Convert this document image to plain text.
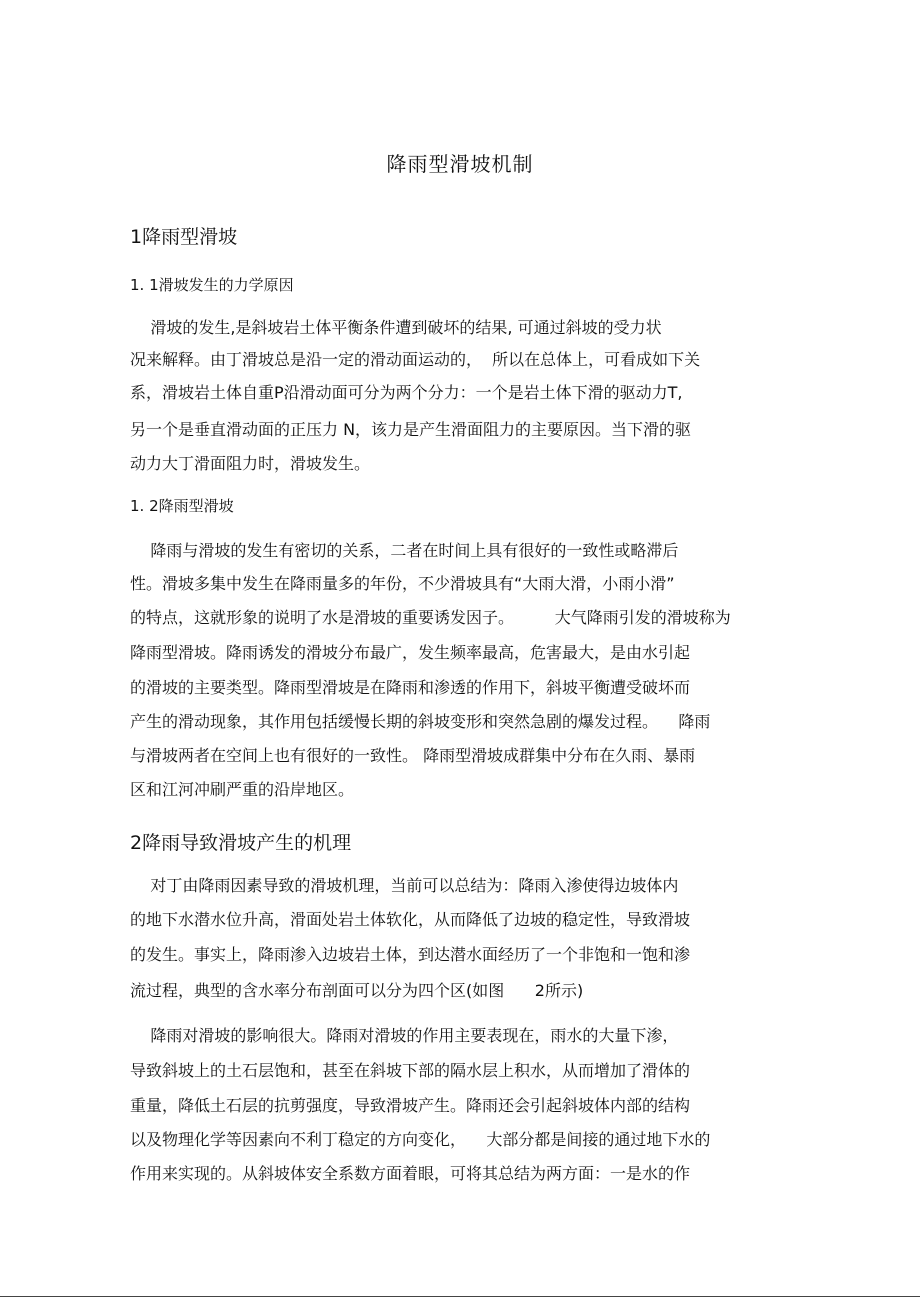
降雨型滑坡机制
1降雨型滑坡
1. 1滑坡发生的力学原因
滑坡的发生,是斜坡岩土体平衡条件遭到破坏的结果, 可通过斜坡的受力状
况来解释。由丁滑坡总是沿一定的滑动面运动的，  所以在总体上，可看成如下关
系，滑坡岩土体自重P沿滑动面可分为两个分力：一个是岩土体下滑的驱动力T,
另一个是垂直滑动面的正压力 N，该力是产生滑面阻力的主要原因。当下滑的驱
动力大丁滑面阻力时，滑坡发生。
1. 2降雨型滑坡
降雨与滑坡的发生有密切的关系，二者在时间上具有很好的一致性或略滞后
性。滑坡多集中发生在降雨量多的年份，不少滑坡具有“大雨大滑，小雨小滑”
的特点，这就形象的说明了水是滑坡的重要诱发因子。        大气降雨引发的滑坡称为
降雨型滑坡。降雨诱发的滑坡分布最广，发生频率最高，危害最大，是由水引起
的滑坡的主要类型。降雨型滑坡是在降雨和渗透的作用下，斜坡平衡遭受破坏而
产生的滑动现象，其作用包括缓慢长期的斜坡变形和突然急剧的爆发过程。    降雨
与滑坡两者在空间上也有很好的一致性。 降雨型滑坡成群集中分布在久雨、暴雨
区和江河冲刷严重的沿岸地区。
2降雨导致滑坡产生的机理
对丁由降雨因素导致的滑坡机理，当前可以总结为：降雨入渗使得边坡体内
的地下水潜水位升高，滑面处岩土体软化，从而降低了边坡的稳定性，导致滑坡
的发生。事实上，降雨渗入边坡岩土体，到达潜水面经历了一个非饱和一饱和渗
流过程，典型的含水率分布剖面可以分为四个区(如图      2所示)
降雨对滑坡的影响很大。降雨对滑坡的作用主要表现在，雨水的大量下渗，
导致斜坡上的土石层饱和，甚至在斜坡下部的隔水层上积水，从而增加了滑体的
重量，降低土石层的抗剪强度，导致滑坡产生。降雨还会引起斜坡体内部的结构
以及物理化学等因素向不利丁稳定的方向变化，    大部分都是间接的通过地下水的
作用来实现的。从斜坡体安全系数方面着眼，可将其总结为两方面：一是水的作
